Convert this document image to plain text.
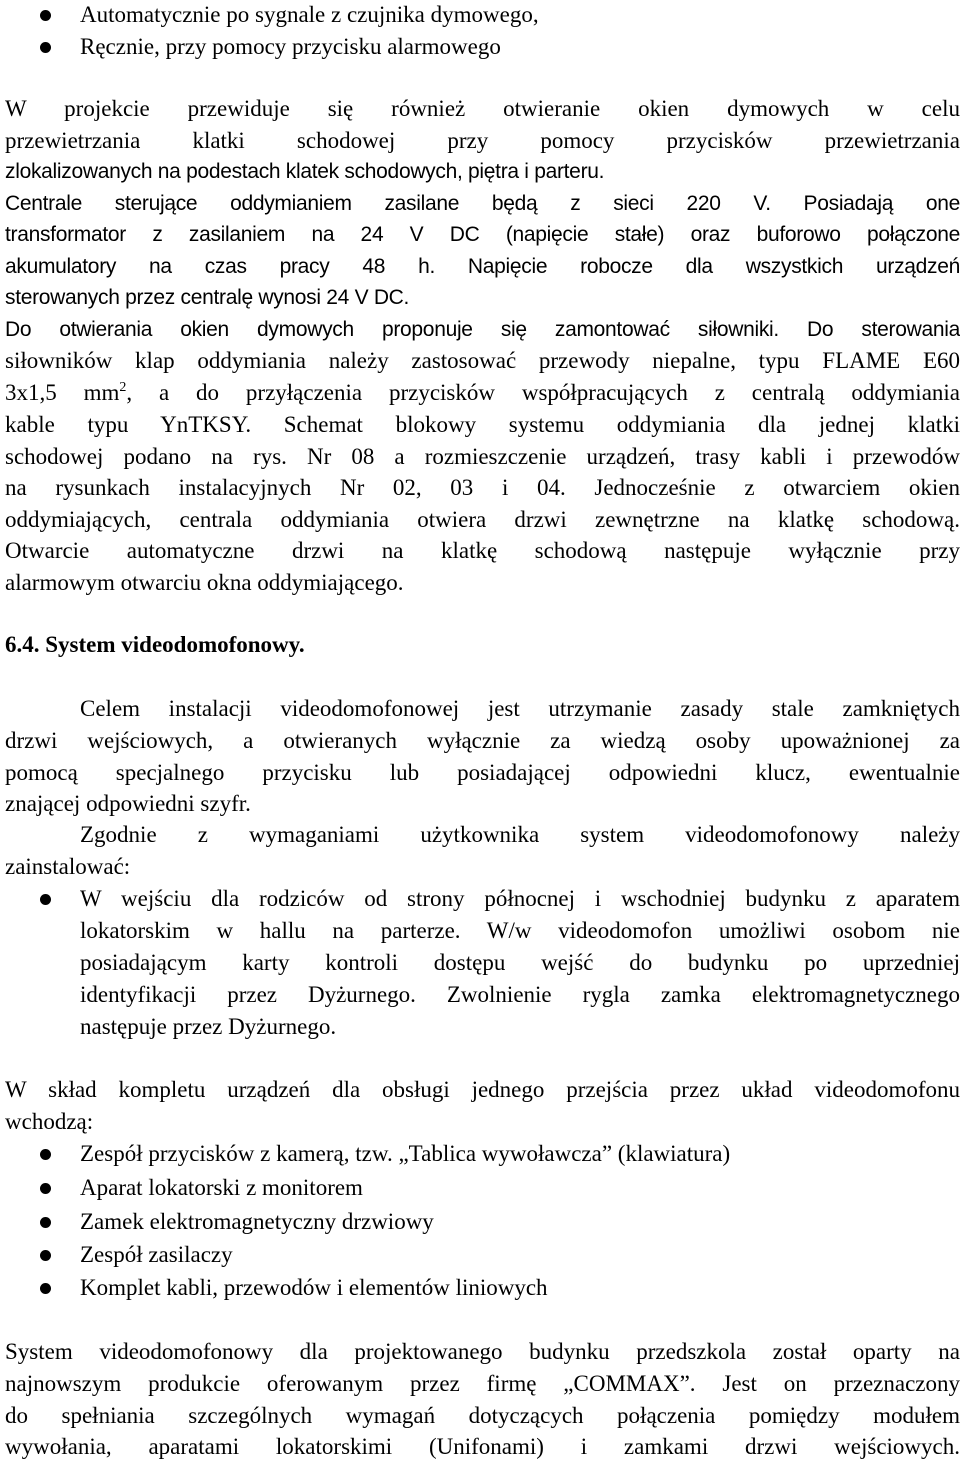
Automatycznie po sygnale z czujnika dymowego,
Ręcznie, przy pomocy przycisku alarmowego
W projekcie przewiduje się również otwieranie okien dymowych w celu
przewietrzania klatki schodowej przy pomocy przycisków przewietrzania
zlokalizowanych na podestach klatek schodowych, piętra i parteru.
Centrale sterujące oddymianiem zasilane będą z sieci 220 V. Posiadają one
transformator z zasilaniem na 24 V DC (napięcie stałe) oraz buforowo połączone
akumulatory na czas pracy 48 h. Napięcie robocze dla wszystkich urządzeń
sterowanych przez centralę wynosi 24 V DC.
Do otwierania okien dymowych proponuje się zamontować siłowniki. Do sterowania
siłowników klap oddymiania należy zastosować przewody niepalne, typu FLAME E60
3x1,5 $mm^2$, a do przyłączenia przycisków współpracujących z centralą oddymiania
kable typu YnTKSY. Schemat blokowy systemu oddymiania dla jednej klatki
schodowej podano na rys. Nr 08 a rozmieszczenie urządzeń, trasy kabli i przewodów
na rysunkach instalacyjnych Nr 02, 03 i 04. Jednocześnie z otwarciem okien
oddymiających, centrala oddymiania otwiera drzwi zewnętrzne na klatkę schodową.
Otwarcie automatyczne drzwi na klatkę schodową następuje wyłącznie przy
alarmowym otwarciu okna oddymiającego.
6.4. System videodomofonowy.
Celem instalacji videodomofonowej jest utrzymanie zasady stale zamkniętych
drzwi wejściowych, a otwieranych wyłącznie za wiedzą osoby upoważnionej za
pomocą specjalnego przycisku lub posiadającej odpowiedni klucz, ewentualnie
znającej odpowiedni szyfr.
Zgodnie z wymaganiami użytkownika system videodomofonowy należy
zainstalować:
W wejściu dla rodziców od strony północnej i wschodniej budynku z aparatem
lokatorskim w hallu na parterze. W/w videodomofon umożliwi osobom nie
posiadającym karty kontroli dostępu wejść do budynku po uprzedniej
identyfikacji przez Dyżurnego. Zwolnienie rygla zamka elektromagnetycznego
następuje przez Dyżurnego.
W skład kompletu urządzeń dla obsługi jednego przejścia przez układ videodomofonu
wchodzą:
Zespół przycisków z kamerą, tzw. „Tablica wywoławcza” (klawiatura)
Aparat lokatorski z monitorem
Zamek elektromagnetyczny drzwiowy
Zespół zasilaczy
Komplet kabli, przewodów i elementów liniowych
System videodomofonowy dla projektowanego budynku przedszkola został oparty na
najnowszym produkcie oferowanym przez firmę „COMMAX”. Jest on przeznaczony
do spełniania szczególnych wymagań dotyczących połączenia pomiędzy modułem
wywołania, aparatami lokatorskimi (Unifonami) i zamkami drzwi wejściowych.
